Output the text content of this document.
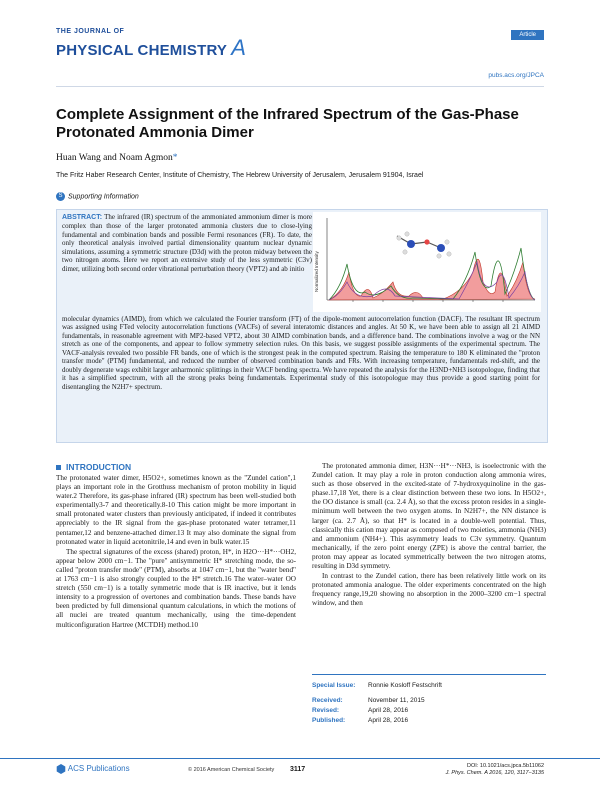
THE JOURNAL OF
PHYSICAL CHEMISTRY A	Article
pubs.acs.org/JPCA
Complete Assignment of the Infrared Spectrum of the Gas-Phase Protonated Ammonia Dimer
Huan Wang and Noam Agmon*
The Fritz Haber Research Center, Institute of Chemistry, The Hebrew University of Jerusalem, Jerusalem 91904, Israel
S Supporting Information
ABSTRACT: The infrared (IR) spectrum of the ammoniated ammonium dimer is more complex than those of the larger protonated ammonia clusters due to close-lying fundamental and combination bands and possible Fermi resonances (FR). To date, the only theoretical analysis involved partial dimensionality quantum nuclear dynamic simulations, assuming a symmetric structure (D3d) with the proton midway between the two nitrogen atoms. Here we report an extensive study of the less symmetric (C3v) dimer, utilizing both second order vibrational perturbation theory (VPT2) and ab initio	Normalized Intensity
molecular dynamics (AIMD), from which we calculated the Fourier transform (FT) of the dipole-moment autocorrelation function (DACF). The resultant IR spectrum was assigned using FTed velocity autocorrelation functions (VACFs) of several interatomic distances and angles. At 50 K, we have been able to assign all 21 AIMD fundamentals, in reasonable agreement with MP2-based VPT2, about 30 AIMD combination bands, and a difference band. The combinations involve a wag or the NN stretch as one of the components, and appear to follow symmetry selection rules. On this basis, we suggest possible assignments of the experimental spectrum. The VACF-analysis revealed two possible FR bands, one of which is the strongest peak in the computed spectrum. Raising the temperature to 180 K eliminated the "proton transfer mode" (PTM) fundamental, and reduced the number of observed combination bands and FRs. With increasing temperature, fundamentals red-shift, and the doubly degenerate wags exhibit larger anharmonic splittings in their VACF bending spectra. We have repeated the analysis for the H3ND+NH3 isotopologue, finding that it has a simplified spectrum, with all the strong peaks being fundamentals. Experimental study of this isotopologue may thus provide a good starting point for disentangling the N2H7+ spectrum.
INTRODUCTION

The protonated water dimer, H5O2+, sometimes known as the "Zundel cation",1 plays an important role in the Grotthuss mechanism of proton mobility in liquid water.2 Therefore, its gas-phase infrared (IR) spectrum has been well-studied both experimentally3-7 and theoretically.8-10 This cation might be more important in small protonated water clusters than previously anticipated, if indeed it contributes appreciably to the IR signal from the gas-phase protonated water tetramer,11 pentamer,12 and benzene-attached dimer.13 It may also dominate the signal from protonated water in liquid acetonitrile,14 and even in bulk water.15

The spectral signatures of the excess (shared) proton, H*, in H2O···H*···OH2, appear below 2000 cm−1. The "pure" antisymmetric H* stretching mode, the so-called "proton transfer mode" (PTM), absorbs at 1047 cm−1, but the "water bend" at 1763 cm−1 is also strongly coupled to the H* stretch.16 The water–water OO stretch (550 cm−1) is a totally symmetric mode that is IR inactive, but it lends intensity to a progression of overtones and combination bands. These bands have been predicted by full dimensional quantum calculations, in which the motions of all nuclei are treated quantum mechanically, using the time-dependent multiconfiguration Hartree (MCTDH) method.10

The protonated ammonia dimer, H3N···H*···NH3, is isoelectronic with the Zundel cation. It may play a role in proton conduction along ammonia wires, such as those observed in the excited-state of 7-hydroxyquinoline in the gas-phase.17,18 Yet, there is a clear distinction between these two ions. In H5O2+, the OO distance is small (ca. 2.4 Å), so that the excess proton resides in a single-minimum well between the two oxygen atoms. In N2H7+, the NN distance is larger (ca. 2.7 Å), so that H* is located in a double-well potential. Thus, classically this cation may appear as composed of two moieties, ammonia (NH3) and ammonium (NH4+). This asymmetry leads to C3v symmetry. Quantum mechanically, if the zero point energy (ZPE) is above the central barrier, the proton may appear as located symmetrically between the two nitrogen atoms, resulting in D3d symmetry.

In contrast to the Zundel cation, there has been relatively little work on its protonated ammonia analogue. The older experiments concentrated on the high frequency range,19,20 showing no absorption in the 2000–3200 cm−1 spectral window, and then

Special Issue: Ronnie Kosloff Festschrift
Received:	November 11, 2015
Revised:	April 28, 2016
Published:	April 28, 2016
ACS Publications	© 2016 American Chemical Society 3117	DOI: 10.1021/acs.jpca.5b11062
J. Phys. Chem. A 2016, 120, 3117−3135
